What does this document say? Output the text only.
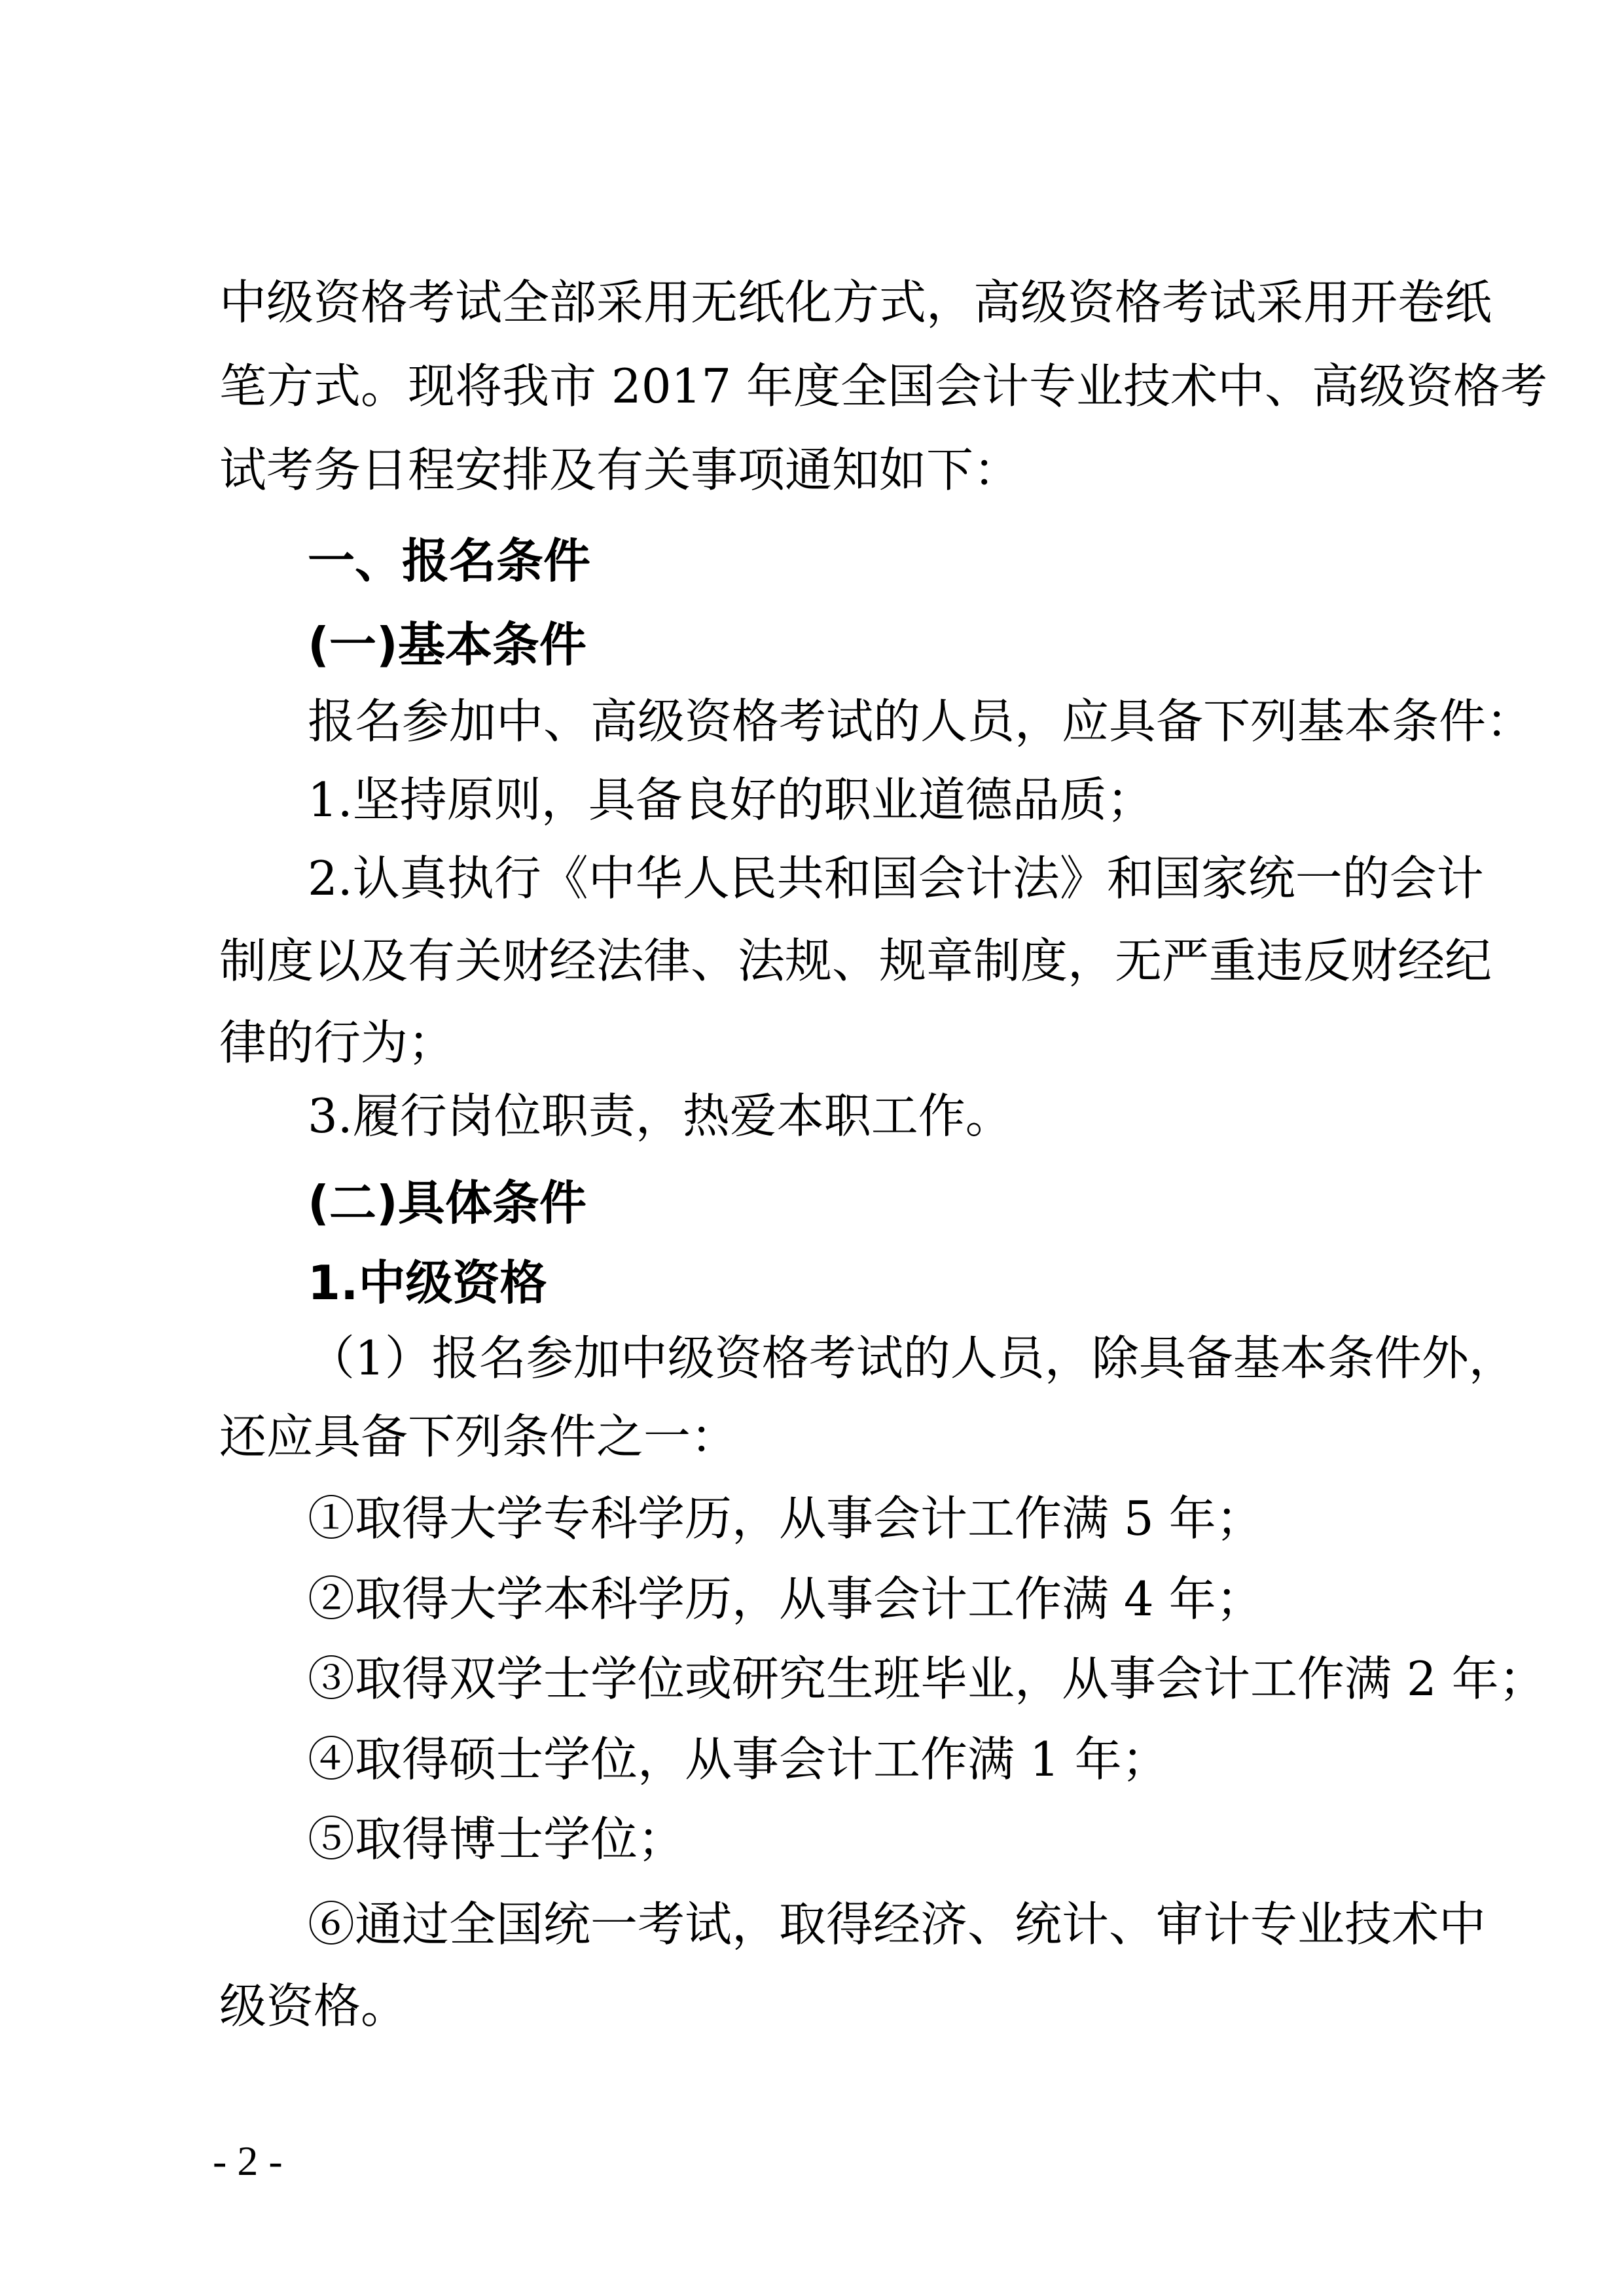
中级资格考试全部采用无纸化方式，高级资格考试采用开卷纸
笔方式。现将我市 2017 年度全国会计专业技术中、高级资格考
试考务日程安排及有关事项通知如下：
一、报名条件
(一)基本条件
报名参加中、高级资格考试的人员，应具备下列基本条件：
1.坚持原则，具备良好的职业道德品质；
2.认真执行《中华人民共和国会计法》和国家统一的会计
制度以及有关财经法律、法规、规章制度，无严重违反财经纪
律的行为；
3.履行岗位职责，热爱本职工作。
(二)具体条件
1.中级资格
（1）报名参加中级资格考试的人员，除具备基本条件外，
还应具备下列条件之一：
①取得大学专科学历，从事会计工作满 5 年；
②取得大学本科学历，从事会计工作满 4 年；
③取得双学士学位或研究生班毕业，从事会计工作满 2 年；
④取得硕士学位，从事会计工作满 1 年；
⑤取得博士学位；
⑥通过全国统一考试，取得经济、统计、审计专业技术中
级资格。
- 2 -
